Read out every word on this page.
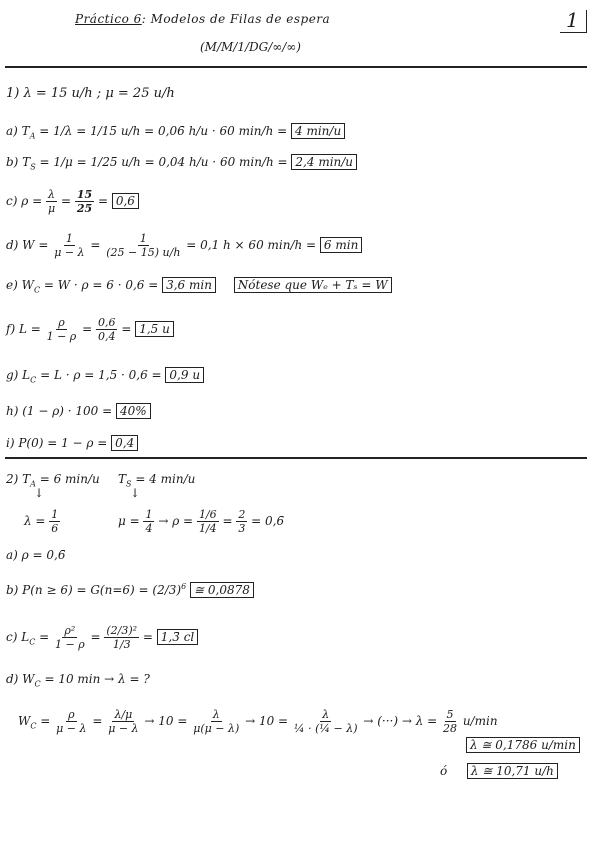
Práctico 6: Modelos de Filas de espera
(M/M/1/DG/∞/∞)
1
1) λ = 15 u/h ; μ = 25 u/h
a) $T_A = 1/\lambda = 1/15$ u/h = 0,06̄ h/u · 60 min/h = 4 min/u
b) $T_S = 1/\mu = 1/25$ u/h = 0,04 h/u · 60 min/h = 2,4 min/u
c) $\rho = \frac{\lambda}{\mu} = \frac{15}{25} = 0,6$
d) $W = \frac{1}{\mu - \lambda} = \frac{1}{(25 - 15) u/h} = 0,1$ h × 60 min/h = 6 min
e) $W_C = W \cdot \rho = 6 \cdot 0,6 = 3,6$ min Nótese que Wₑ + Tₛ = W
f) $L = \frac{\rho}{1 - \rho} = \frac{0,6}{0,4} = 1,5$ u
g) $L_C = L \cdot \rho = 1,5 \cdot 0,6 = 0,9$ u
h) (1 − ρ) · 100 = 40%
i) P(0) = 1 − ρ = 0,4
2) $T_A = 6$ min/u $T_S = 4$ min/u
↓	↓
$\lambda = \frac{1}{6}$	$\mu = \frac{1}{4} \to \rho = \frac{1/6}{1/4} = \frac{2}{3}$ = 0,6̄
a) ρ = 0,6̄
b) $P(n \ge 6) = G(n=6) = (2/3)^6$ ≅ 0,0878
c) $L_C = \frac{\text{ρ²}}{1 - \rho} = \frac{\text{(2/3)²}}{1/3}$ = 1,3̄ cl
d) $W_C = 10$ min → λ = ?
$W_C = \frac{\rho}{\mu - \lambda} = \frac{\lambda/\mu}{\mu - \lambda} \to 10 = \frac{\lambda}{\mu(\mu - \lambda)} \to 10 = \frac{\lambda}{\text{¼ · (¼ − λ)}}$ → (···) → $\lambda = \frac{5}{28} u/\min$
λ ≅ 0,1786 u/min
ó λ ≅ 10,71 u/h
